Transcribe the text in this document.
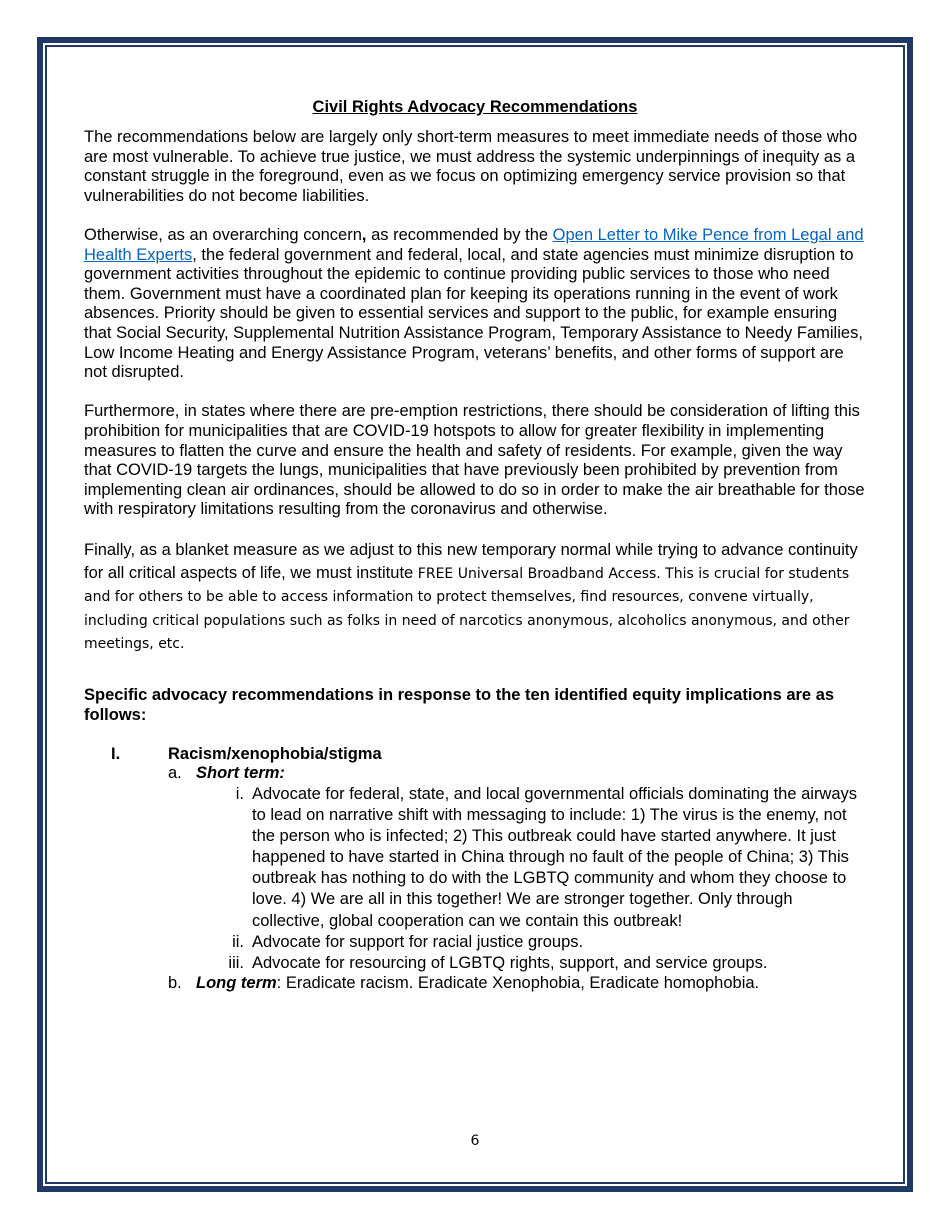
Civil Rights Advocacy Recommendations

The recommendations below are largely only short-term measures to meet immediate needs of those who are most vulnerable. To achieve true justice, we must address the systemic underpinnings of inequity as a constant struggle in the foreground, even as we focus on optimizing emergency service provision so that vulnerabilities do not become liabilities.

Otherwise, as an overarching concern, as recommended by the Open Letter to Mike Pence from Legal and Health Experts, the federal government and federal, local, and state agencies must minimize disruption to government activities throughout the epidemic to continue providing public services to those who need them. Government must have a coordinated plan for keeping its operations running in the event of work absences. Priority should be given to essential services and support to the public, for example ensuring that Social Security, Supplemental Nutrition Assistance Program, Temporary Assistance to Needy Families, Low Income Heating and Energy Assistance Program, veterans’ benefits, and other forms of support are not disrupted.

Furthermore, in states where there are pre-emption restrictions, there should be consideration of lifting this prohibition for municipalities that are COVID-19 hotspots to allow for greater flexibility in implementing measures to flatten the curve and ensure the health and safety of residents. For example, given the way that COVID-19 targets the lungs, municipalities that have previously been prohibited by prevention from implementing clean air ordinances, should be allowed to do so in order to make the air breathable for those with respiratory limitations resulting from the coronavirus and otherwise.

Finally, as a blanket measure as we adjust to this new temporary normal while trying to advance continuity for all critical aspects of life, we must institute FREE Universal Broadband Access. This is crucial for students and for others to be able to access information to protect themselves, find resources, convene virtually, including critical populations such as folks in need of narcotics anonymous, alcoholics anonymous, and other meetings, etc.

Specific advocacy recommendations in response to the ten identified equity implications are as follows:

I.	Racism/xenophobia/stigma
a. Short term:
i. Advocate for federal, state, and local governmental officials dominating the airways to lead on narrative shift with messaging to include: 1) The virus is the enemy, not the person who is infected; 2) This outbreak could have started anywhere. It just happened to have started in China through no fault of the people of China; 3) This outbreak has nothing to do with the LGBTQ community and whom they choose to love. 4) We are all in this together! We are stronger together. Only through collective, global cooperation can we contain this outbreak!
ii. Advocate for support for racial justice groups.
iii. Advocate for resourcing of LGBTQ rights, support, and service groups.
b. Long term: Eradicate racism. Eradicate Xenophobia, Eradicate homophobia.
6
